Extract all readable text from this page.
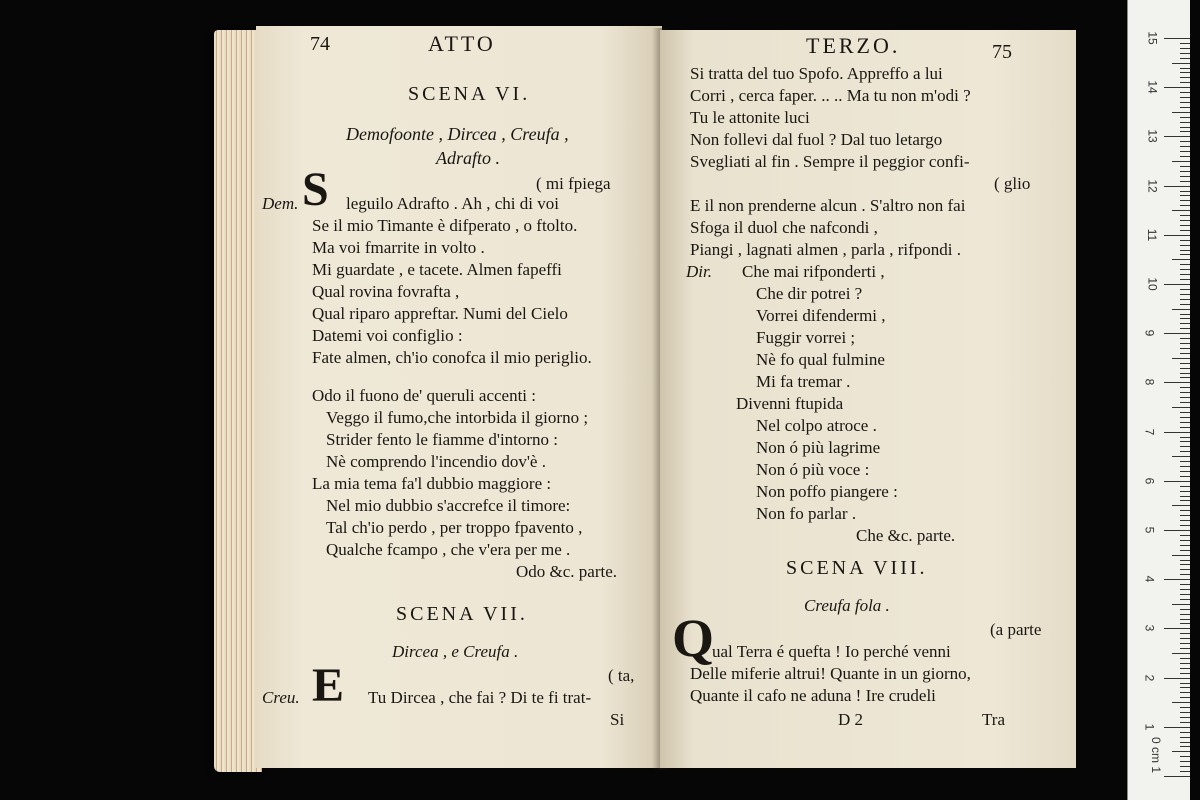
74	ATTO
SCENA VI.
Demofoonte , Dircea , Creufa ,
Adrafto .
( mi fpiega
Dem. S leguilo Adrafto . Ah , chi di voi
Se il mio Timante è difperato , o ftolto.
Ma voi fmarrite in volto .
Mi guardate , e tacete. Almen fapeffi
Qual rovina fovrafta ,
Qual riparo appreftar. Numi del Cielo
Datemi voi configlio :
Fate almen, ch'io conofca il mio periglio.
Odo il fuono de' queruli accenti :
Veggo il fumo,che intorbida il giorno ;
Strider fento le fiamme d'intorno :
Nè comprendo l'incendio dov'è .
La mia tema fa'l dubbio maggiore :
Nel mio dubbio s'accrefce il timore:
Tal ch'io perdo , per troppo fpavento ,
Qualche fcampo , che v'era per me .
Odo &c. parte.
SCENA VII.
Dircea , e Creufa .
( ta,
Creu. E Tu Dircea , che fai ? Di te fi trat-
Si
TERZO.	75
Si tratta del tuo Spofo. Appreffo a lui
Corri , cerca faper. .. .. Ma tu non m'odi ?
Tu le attonite luci
Non follevi dal fuol ? Dal tuo letargo
Svegliati al fin . Sempre il peggior confi-
( glio
E il non prenderne alcun . S'altro non fai
Sfoga il duol che nafcondi ,
Piangi , lagnati almen , parla , rifpondi .
Dir. Che mai rifponderti ,
Che dir potrei ?
Vorrei difendermi ,
Fuggir vorrei ;
Nè fo qual fulmine
Mi fa tremar .
Divenni ftupida
Nel colpo atroce .
Non ó più lagrime
Non ó più voce :
Non poffo piangere :
Non fo parlar .
Che &c. parte.
SCENA VIII.
Creufa fola .
(a parte
Q
ual Terra é quefta ! Io perché venni
Delle miferie altrui! Quante in un giorno,
Quante il cafo ne aduna ! Ire crudeli
D 2	Tra
0 cm 1
15
14
13
12
11
10
9
8
7
6
5
4
3
2
1
